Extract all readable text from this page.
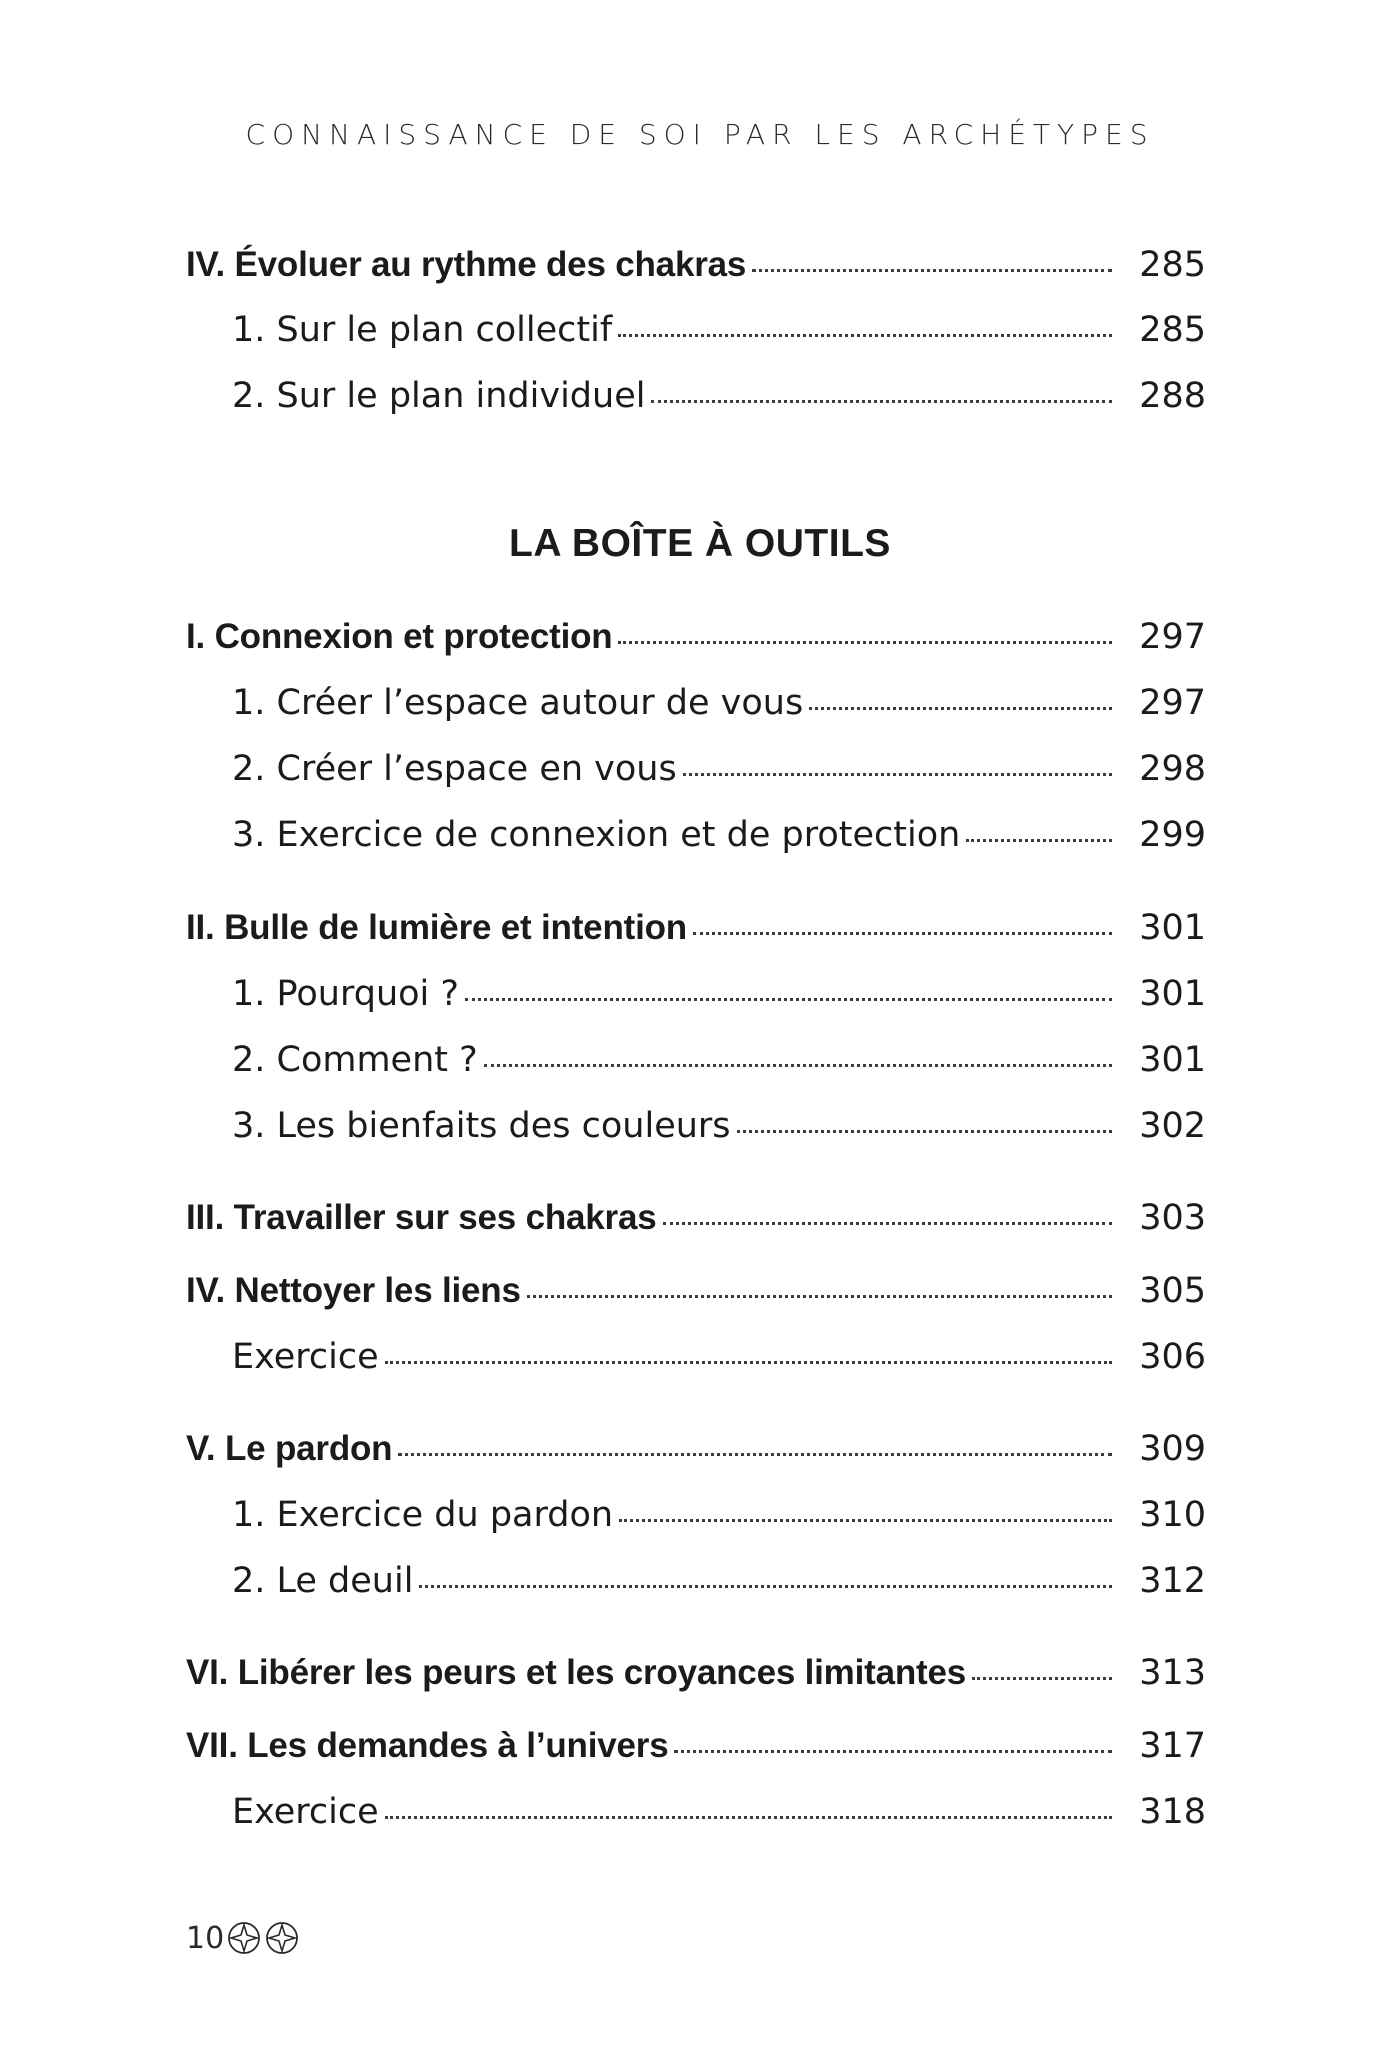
CONNAISSANCE DE SOI PAR LES ARCHÉTYPES
IV. Évoluer au rythme des chakras	285
1. Sur le plan collectif	285
2. Sur le plan individuel	288
LA BOÎTE À OUTILS
I. Connexion et protection	297
1. Créer l’espace autour de vous	297
2. Créer l’espace en vous	298
3. Exercice de connexion et de protection	299
II. Bulle de lumière et intention	301
1. Pourquoi ?	301
2. Comment ?	301
3. Les bienfaits des couleurs	302
III. Travailler sur ses chakras	303
IV. Nettoyer les liens	305
Exercice	306
V. Le pardon	309
1. Exercice du pardon	310
2. Le deuil	312
VI. Libérer les peurs et les croyances limitantes	313
VII. Les demandes à l’univers	317
Exercice	318
10
